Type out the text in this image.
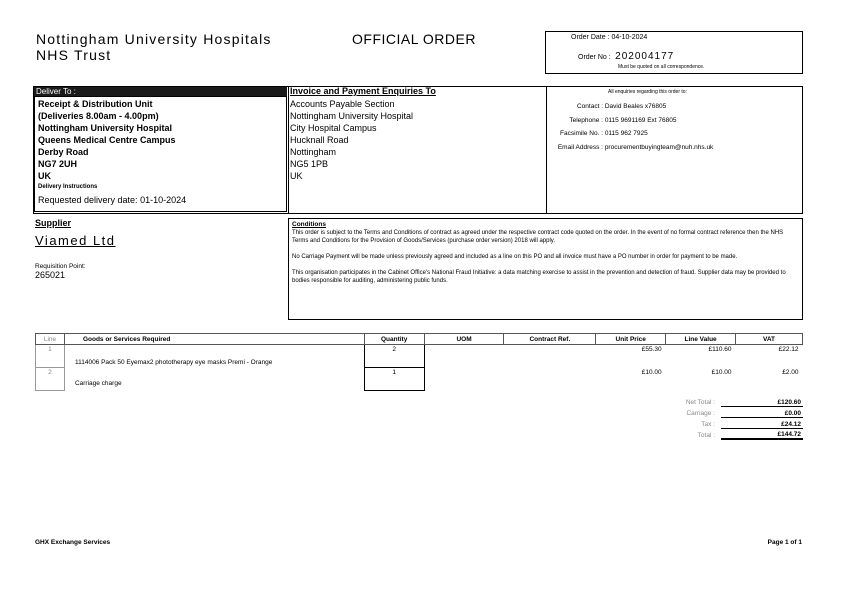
Nottingham University Hospitals
NHS Trust
OFFICIAL ORDER	Order Date : 04-10-2024
Order No : 202004177
Must be quoted on all correspondence.
Deliver To :
Receipt & Distribution Unit
(Deliveries 8.00am - 4.00pm)
Nottingham University Hospital
Queens Medical Centre Campus
Derby Road
NG7 2UH
UK
Delivery Instructions
Requested delivery date: 01-10-2024
Invoice and Payment Enquiries To
Accounts Payable Section
Nottingham University Hospital
City Hospital Campus
Hucknall Road
Nottingham
NG5 1PB
UK
All enquiries regarding this order to:
Contact : David Beales x76805
Telephone : 0115 9691169 Ext 76805
Facsimile No. : 0115 962 7925
Email Address : procurementbuyingteam@nuh.nhs.uk
Supplier
Viamed Ltd
Requisition Point:
265021
Conditions
This order is subject to the Terms and Conditions of contract as agreed under the respective contract code quoted on the order. In the event of no formal contract reference then the NHS Terms and Conditions for the Provision of Goods/Services (purchase order version) 2018 will apply.
No Carriage Payment will be made unless previously agreed and included as a line on this PO and all invoice must have a PO number in order for payment to be made.
This organisation participates in the Cabinet Office's National Fraud Initiative: a data matching exercise to assist in the prevention and detection of fraud. Supplier data may be provided to bodies responsible for auditing, administering public funds.
Line	Goods or Services Required	Quantity	UOM	Contract Ref.	Unit Price	Line Value	VAT
1	1114006 Pack 50 Eyemax2 phototherapy eye masks Premi - Orange	2			£55.30	£110.60	£22.12
2	Carriage charge	1			£10.00	£10.00	£2.00
Net Total :	£120.60
Carriage :	£0.00
Tax :	£24.12
Total :	£144.72
GHX Exchange Services	Page 1 of 1
